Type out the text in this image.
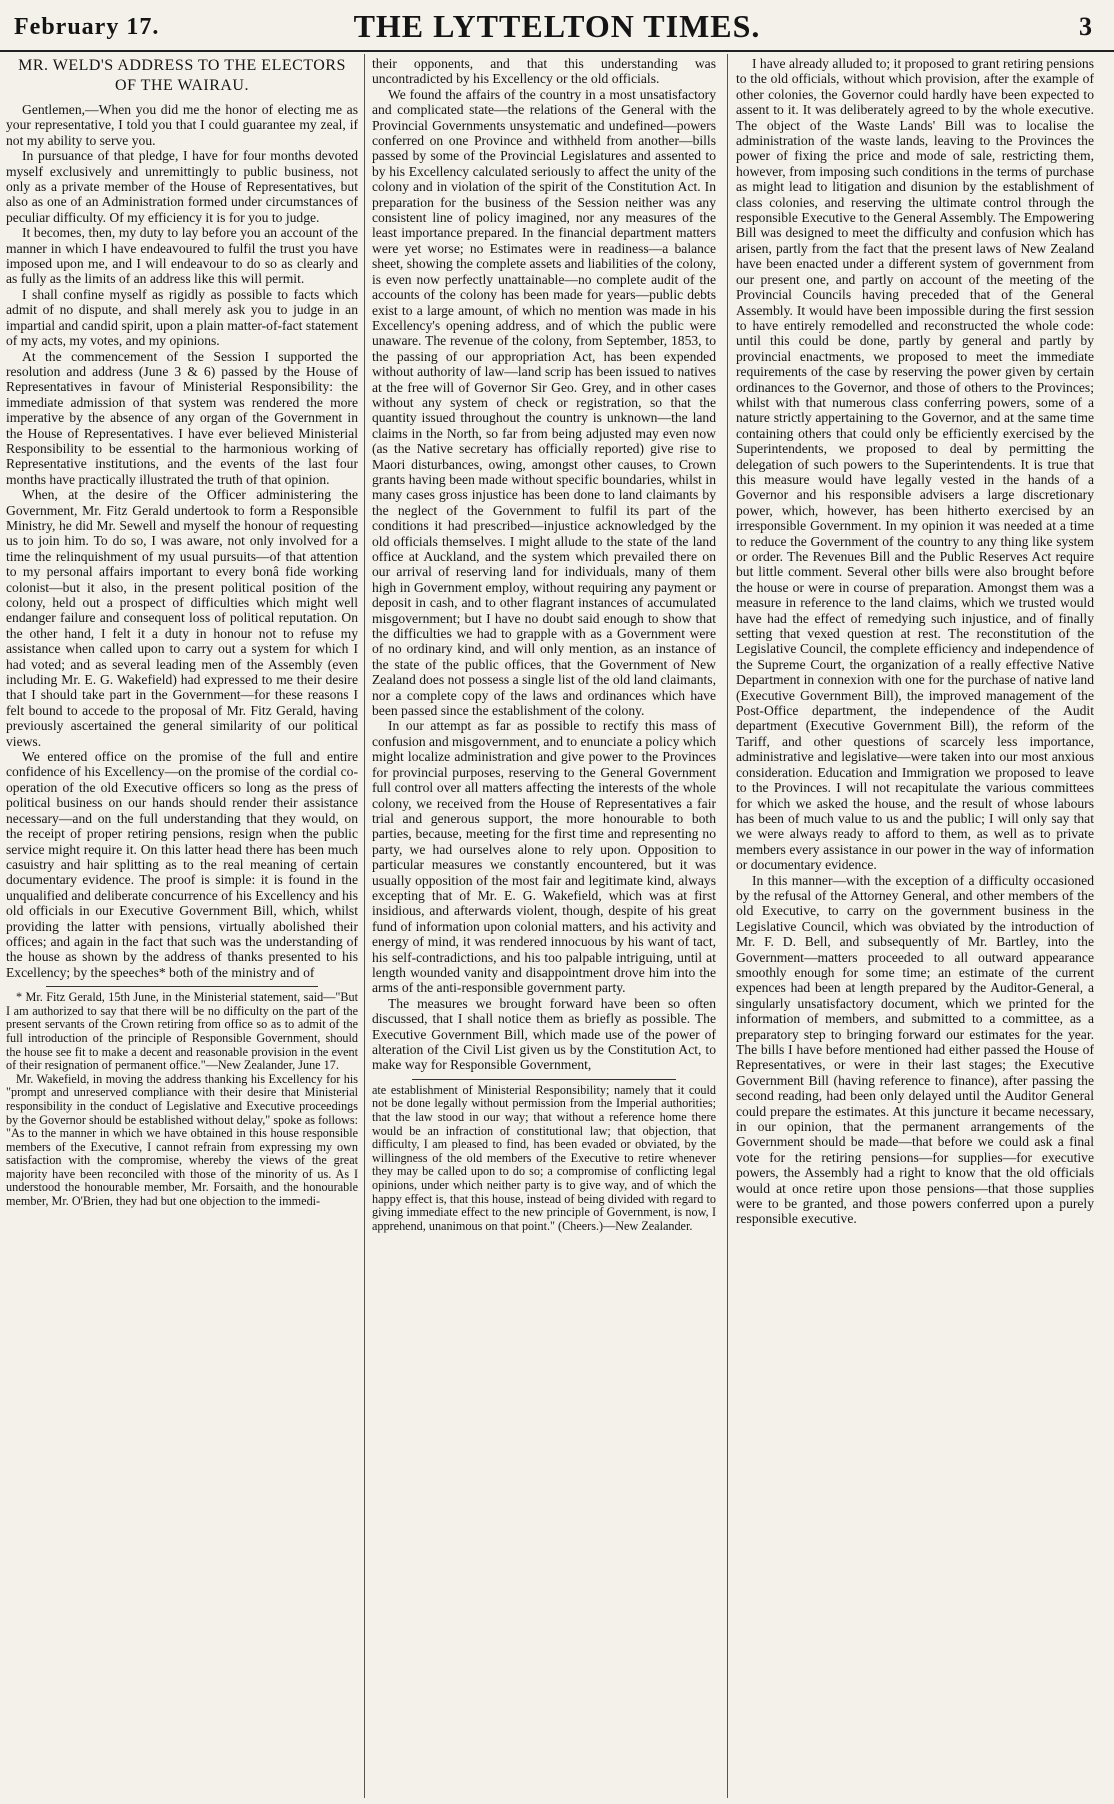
February 17.	THE LYTTELTON TIMES.	3
MR. WELD'S ADDRESS TO THE ELECTORS
OF THE WAIRAU.

Gentlemen,—When you did me the honor of electing me as your representative, I told you that I could guarantee my zeal, if not my ability to serve you.

In pursuance of that pledge, I have for four months devoted myself exclusively and unremittingly to public business, not only as a private member of the House of Representatives, but also as one of an Administration formed under circumstances of peculiar difficulty. Of my efficiency it is for you to judge.

It becomes, then, my duty to lay before you an account of the manner in which I have endeavoured to fulfil the trust you have imposed upon me, and I will endeavour to do so as clearly and as fully as the limits of an address like this will permit.

I shall confine myself as rigidly as possible to facts which admit of no dispute, and shall merely ask you to judge in an impartial and candid spirit, upon a plain matter-of-fact statement of my acts, my votes, and my opinions.

At the commencement of the Session I supported the resolution and address (June 3 & 6) passed by the House of Representatives in favour of Ministerial Responsibility: the immediate admission of that system was rendered the more imperative by the absence of any organ of the Government in the House of Representatives. I have ever believed Ministerial Responsibility to be essential to the harmonious working of Representative institutions, and the events of the last four months have practically illustrated the truth of that opinion.

When, at the desire of the Officer administering the Government, Mr. Fitz Gerald undertook to form a Responsible Ministry, he did Mr. Sewell and myself the honour of requesting us to join him. To do so, I was aware, not only involved for a time the relinquishment of my usual pursuits—of that attention to my personal affairs important to every bonâ fide working colonist—but it also, in the present political position of the colony, held out a prospect of difficulties which might well endanger failure and consequent loss of political reputation. On the other hand, I felt it a duty in honour not to refuse my assistance when called upon to carry out a system for which I had voted; and as several leading men of the Assembly (even including Mr. E. G. Wakefield) had expressed to me their desire that I should take part in the Government—for these reasons I felt bound to accede to the proposal of Mr. Fitz Gerald, having previously ascertained the general similarity of our political views.

We entered office on the promise of the full and entire confidence of his Excellency—on the promise of the cordial co-operation of the old Executive officers so long as the press of political business on our hands should render their assistance necessary—and on the full understanding that they would, on the receipt of proper retiring pensions, resign when the public service might require it. On this latter head there has been much casuistry and hair splitting as to the real meaning of certain documentary evidence. The proof is simple: it is found in the unqualified and deliberate concurrence of his Excellency and his old officials in our Executive Government Bill, which, whilst providing the latter with pensions, virtually abolished their offices; and again in the fact that such was the understanding of the house as shown by the address of thanks presented to his Excellency; by the speeches* both of the ministry and of

* Mr. Fitz Gerald, 15th June, in the Ministerial statement, said—"But I am authorized to say that there will be no difficulty on the part of the present servants of the Crown retiring from office so as to admit of the full introduction of the principle of Responsible Government, should the house see fit to make a decent and reasonable provision in the event of their resignation of permanent office."—New Zealander, June 17.

Mr. Wakefield, in moving the address thanking his Excellency for his "prompt and unreserved compliance with their desire that Ministerial responsibility in the conduct of Legislative and Executive proceedings by the Governor should be established without delay," spoke as follows: "As to the manner in which we have obtained in this house responsible members of the Executive, I cannot refrain from expressing my own satisfaction with the compromise, whereby the views of the great majority have been reconciled with those of the minority of us. As I understood the honourable member, Mr. Forsaith, and the honourable member, Mr. O'Brien, they had but one objection to the immedi-

their opponents, and that this understanding was uncontradicted by his Excellency or the old officials.

We found the affairs of the country in a most unsatisfactory and complicated state—the relations of the General with the Provincial Governments unsystematic and undefined—powers conferred on one Province and withheld from another—bills passed by some of the Provincial Legislatures and assented to by his Excellency calculated seriously to affect the unity of the colony and in violation of the spirit of the Constitution Act. In preparation for the business of the Session neither was any consistent line of policy imagined, nor any measures of the least importance prepared. In the financial department matters were yet worse; no Estimates were in readiness—a balance sheet, showing the complete assets and liabilities of the colony, is even now perfectly unattainable—no complete audit of the accounts of the colony has been made for years—public debts exist to a large amount, of which no mention was made in his Excellency's opening address, and of which the public were unaware. The revenue of the colony, from September, 1853, to the passing of our appropriation Act, has been expended without authority of law—land scrip has been issued to natives at the free will of Governor Sir Geo. Grey, and in other cases without any system of check or registration, so that the quantity issued throughout the country is unknown—the land claims in the North, so far from being adjusted may even now (as the Native secretary has officially reported) give rise to Maori disturbances, owing, amongst other causes, to Crown grants having been made without specific boundaries, whilst in many cases gross injustice has been done to land claimants by the neglect of the Government to fulfil its part of the conditions it had prescribed—injustice acknowledged by the old officials themselves. I might allude to the state of the land office at Auckland, and the system which prevailed there on our arrival of reserving land for individuals, many of them high in Government employ, without requiring any payment or deposit in cash, and to other flagrant instances of accumulated misgovernment; but I have no doubt said enough to show that the difficulties we had to grapple with as a Government were of no ordinary kind, and will only mention, as an instance of the state of the public offices, that the Government of New Zealand does not possess a single list of the old land claimants, nor a complete copy of the laws and ordinances which have been passed since the establishment of the colony.

In our attempt as far as possible to rectify this mass of confusion and misgovernment, and to enunciate a policy which might localize administration and give power to the Provinces for provincial purposes, reserving to the General Government full control over all matters affecting the interests of the whole colony, we received from the House of Representatives a fair trial and generous support, the more honourable to both parties, because, meeting for the first time and representing no party, we had ourselves alone to rely upon. Opposition to particular measures we constantly encountered, but it was usually opposition of the most fair and legitimate kind, always excepting that of Mr. E. G. Wakefield, which was at first insidious, and afterwards violent, though, despite of his great fund of information upon colonial matters, and his activity and energy of mind, it was rendered innocuous by his want of tact, his self-contradictions, and his too palpable intriguing, until at length wounded vanity and disappointment drove him into the arms of the anti-responsible government party.

The measures we brought forward have been so often discussed, that I shall notice them as briefly as possible. The Executive Government Bill, which made use of the power of alteration of the Civil List given us by the Constitution Act, to make way for Responsible Government,

ate establishment of Ministerial Responsibility; namely that it could not be done legally without permission from the Imperial authorities; that the law stood in our way; that without a reference home there would be an infraction of constitutional law; that objection, that difficulty, I am pleased to find, has been evaded or obviated, by the willingness of the old members of the Executive to retire whenever they may be called upon to do so; a compromise of conflicting legal opinions, under which neither party is to give way, and of which the happy effect is, that this house, instead of being divided with regard to giving immediate effect to the new principle of Government, is now, I apprehend, unanimous on that point." (Cheers.)—New Zealander.

I have already alluded to; it proposed to grant retiring pensions to the old officials, without which provision, after the example of other colonies, the Governor could hardly have been expected to assent to it. It was deliberately agreed to by the whole executive. The object of the Waste Lands' Bill was to localise the administration of the waste lands, leaving to the Provinces the power of fixing the price and mode of sale, restricting them, however, from imposing such conditions in the terms of purchase as might lead to litigation and disunion by the establishment of class colonies, and reserving the ultimate control through the responsible Executive to the General Assembly. The Empowering Bill was designed to meet the difficulty and confusion which has arisen, partly from the fact that the present laws of New Zealand have been enacted under a different system of government from our present one, and partly on account of the meeting of the Provincial Councils having preceded that of the General Assembly. It would have been impossible during the first session to have entirely remodelled and reconstructed the whole code: until this could be done, partly by general and partly by provincial enactments, we proposed to meet the immediate requirements of the case by reserving the power given by certain ordinances to the Governor, and those of others to the Provinces; whilst with that numerous class conferring powers, some of a nature strictly appertaining to the Governor, and at the same time containing others that could only be efficiently exercised by the Superintendents, we proposed to deal by permitting the delegation of such powers to the Superintendents. It is true that this measure would have legally vested in the hands of a Governor and his responsible advisers a large discretionary power, which, however, has been hitherto exercised by an irresponsible Government. In my opinion it was needed at a time to reduce the Government of the country to any thing like system or order. The Revenues Bill and the Public Reserves Act require but little comment. Several other bills were also brought before the house or were in course of preparation. Amongst them was a measure in reference to the land claims, which we trusted would have had the effect of remedying such injustice, and of finally setting that vexed question at rest. The reconstitution of the Legislative Council, the complete efficiency and independence of the Supreme Court, the organization of a really effective Native Department in connexion with one for the purchase of native land (Executive Government Bill), the improved management of the Post-Office department, the independence of the Audit department (Executive Government Bill), the reform of the Tariff, and other questions of scarcely less importance, administrative and legislative—were taken into our most anxious consideration. Education and Immigration we proposed to leave to the Provinces. I will not recapitulate the various committees for which we asked the house, and the result of whose labours has been of much value to us and the public; I will only say that we were always ready to afford to them, as well as to private members every assistance in our power in the way of information or documentary evidence.

In this manner—with the exception of a difficulty occasioned by the refusal of the Attorney General, and other members of the old Executive, to carry on the government business in the Legislative Council, which was obviated by the introduction of Mr. F. D. Bell, and subsequently of Mr. Bartley, into the Government—matters proceeded to all outward appearance smoothly enough for some time; an estimate of the current expences had been at length prepared by the Auditor-General, a singularly unsatisfactory document, which we printed for the information of members, and submitted to a committee, as a preparatory step to bringing forward our estimates for the year. The bills I have before mentioned had either passed the House of Representatives, or were in their last stages; the Executive Government Bill (having reference to finance), after passing the second reading, had been only delayed until the Auditor General could prepare the estimates. At this juncture it became necessary, in our opinion, that the permanent arrangements of the Government should be made—that before we could ask a final vote for the retiring pensions—for supplies—for executive powers, the Assembly had a right to know that the old officials would at once retire upon those pensions—that those supplies were to be granted, and those powers conferred upon a purely responsible executive.
